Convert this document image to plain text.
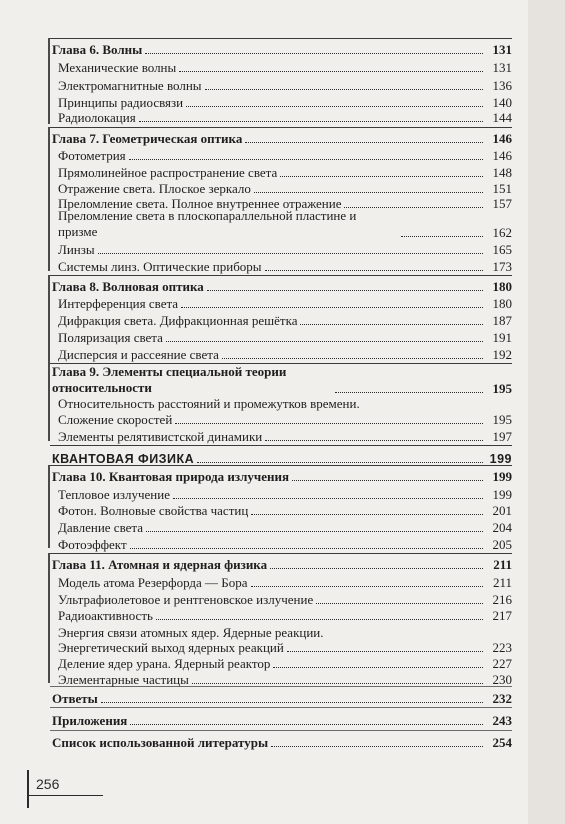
Глава 6. Волны	131
Механические волны	131
Электромагнитные волны	136
Принципы радиосвязи	140
Радиолокация	144
Глава 7. Геометрическая оптика	146
Фотометрия	146
Прямолинейное распространение света	148
Отражение света. Плоское зеркало	151
Преломление света. Полное внутреннее отражение	157
Преломление света в плоскопараллельной пластине и призме	162
Линзы	165
Системы линз. Оптические приборы	173
Глава 8. Волновая оптика	180
Интерференция света	180
Дифракция света. Дифракционная решётка	187
Поляризация света	191
Дисперсия и рассеяние света	192
Глава 9. Элементы специальной теории относительности	195
Относительность расстояний и промежутков времени.
Сложение скоростей	195
Элементы релятивистской динамики	197
КВАНТОВАЯ ФИЗИКА	199
Глава 10. Квантовая природа излучения	199
Тепловое излучение	199
Фотон. Волновые свойства частиц	201
Давление света	204
Фотоэффект	205
Глава 11. Атомная и ядерная физика	211
Модель атома Резерфорда — Бора	211
Ультрафиолетовое и рентгеновское излучение	216
Радиоактивность	217
Энергия связи атомных ядер. Ядерные реакции.
Энергетический выход ядерных реакций	223
Деление ядер урана. Ядерный реактор	227
Элементарные частицы	230
Ответы	232
Приложения	243
Список использованной литературы	254
256
